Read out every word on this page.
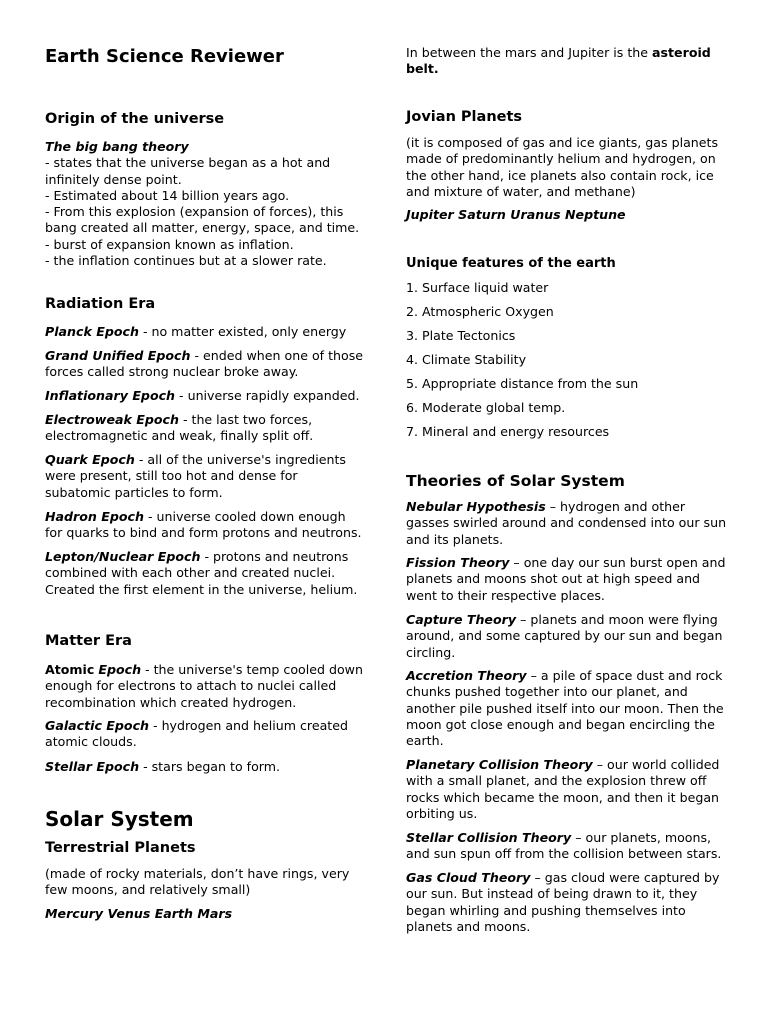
Earth Science Reviewer
Origin of the universe
The big bang theory
- states that the universe began as a hot and infinitely dense point.
- Estimated about 14 billion years ago.
- From this explosion (expansion of forces), this bang created all matter, energy, space, and time.
- burst of expansion known as inflation.
- the inflation continues but at a slower rate.
Radiation Era
Planck Epoch - no matter existed, only energy
Grand Unified Epoch - ended when one of those forces called strong nuclear broke away.
Inflationary Epoch - universe rapidly expanded.
Electroweak Epoch - the last two forces, electromagnetic and weak, finally split off.
Quark Epoch - all of the universe's ingredients were present, still too hot and dense for subatomic particles to form.
Hadron Epoch - universe cooled down enough for quarks to bind and form protons and neutrons.
Lepton/Nuclear Epoch - protons and neutrons combined with each other and created nuclei. Created the first element in the universe, helium.
Matter Era
Atomic Epoch - the universe's temp cooled down enough for electrons to attach to nuclei called recombination which created hydrogen.
Galactic Epoch - hydrogen and helium created atomic clouds.
Stellar Epoch - stars began to form.
Solar System
Terrestrial Planets
(made of rocky materials, don’t have rings, very few moons, and relatively small)
Mercury Venus Earth Mars
In between the mars and Jupiter is the asteroid belt.
Jovian Planets
(it is composed of gas and ice giants, gas planets made of predominantly helium and hydrogen, on the other hand, ice planets also contain rock, ice and mixture of water, and methane)
Jupiter Saturn Uranus Neptune
Unique features of the earth
1. Surface liquid water
2. Atmospheric Oxygen
3. Plate Tectonics
4. Climate Stability
5. Appropriate distance from the sun
6. Moderate global temp.
7. Mineral and energy resources
Theories of Solar System
Nebular Hypothesis – hydrogen and other gasses swirled around and condensed into our sun and its planets.
Fission Theory – one day our sun burst open and planets and moons shot out at high speed and went to their respective places.
Capture Theory – planets and moon were flying around, and some captured by our sun and began circling.
Accretion Theory – a pile of space dust and rock chunks pushed together into our planet, and another pile pushed itself into our moon. Then the moon got close enough and began encircling the earth.
Planetary Collision Theory – our world collided with a small planet, and the explosion threw off rocks which became the moon, and then it began orbiting us.
Stellar Collision Theory – our planets, moons, and sun spun off from the collision between stars.
Gas Cloud Theory – gas cloud were captured by our sun. But instead of being drawn to it, they began whirling and pushing themselves into planets and moons.
